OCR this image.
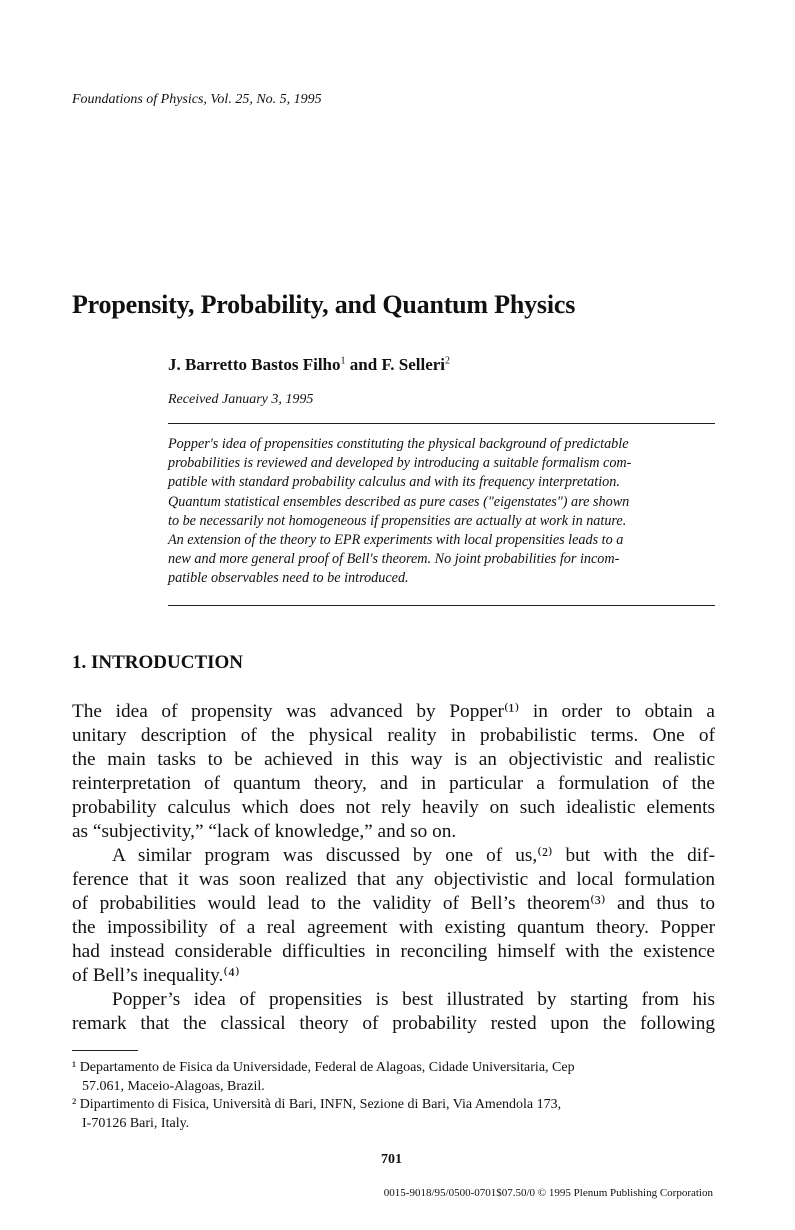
Foundations of Physics, Vol. 25, No. 5, 1995
Propensity, Probability, and Quantum Physics
J. Barretto Bastos Filho$^1$ and F. Selleri$^2$
Received January 3, 1995
Popper's idea of propensities constituting the physical background of predictable
probabilities is reviewed and developed by introducing a suitable formalism com-
patible with standard probability calculus and with its frequency interpretation.
Quantum statistical ensembles described as pure cases ("eigenstates") are shown
to be necessarily not homogeneous if propensities are actually at work in nature.
An extension of the theory to EPR experiments with local propensities leads to a
new and more general proof of Bell's theorem. No joint probabilities for incom-
patible observables need to be introduced.
1. INTRODUCTION
The idea of propensity was advanced by Popper⁽¹⁾ in order to obtain a
unitary description of the physical reality in probabilistic terms. One of
the main tasks to be achieved in this way is an objectivistic and realistic
reinterpretation of quantum theory, and in particular a formulation of the
probability calculus which does not rely heavily on such idealistic elements
as “subjectivity,” “lack of knowledge,” and so on.
A similar program was discussed by one of us,⁽²⁾ but with the dif-
ference that it was soon realized that any objectivistic and local formulation
of probabilities would lead to the validity of Bell’s theorem⁽³⁾ and thus to
the impossibility of a real agreement with existing quantum theory. Popper
had instead considerable difficulties in reconciling himself with the existence
of Bell’s inequality.⁽⁴⁾
Popper’s idea of propensities is best illustrated by starting from his
remark that the classical theory of probability rested upon the following
¹ Departamento de Fisica da Universidade, Federal de Alagoas, Cidade Universitaria, Cep
57.061, Maceio-Alagoas, Brazil.
² Dipartimento di Fisica, Università di Bari, INFN, Sezione di Bari, Via Amendola 173,
I-70126 Bari, Italy.
701
0015-9018/95/0500-0701$07.50/0 © 1995 Plenum Publishing Corporation
